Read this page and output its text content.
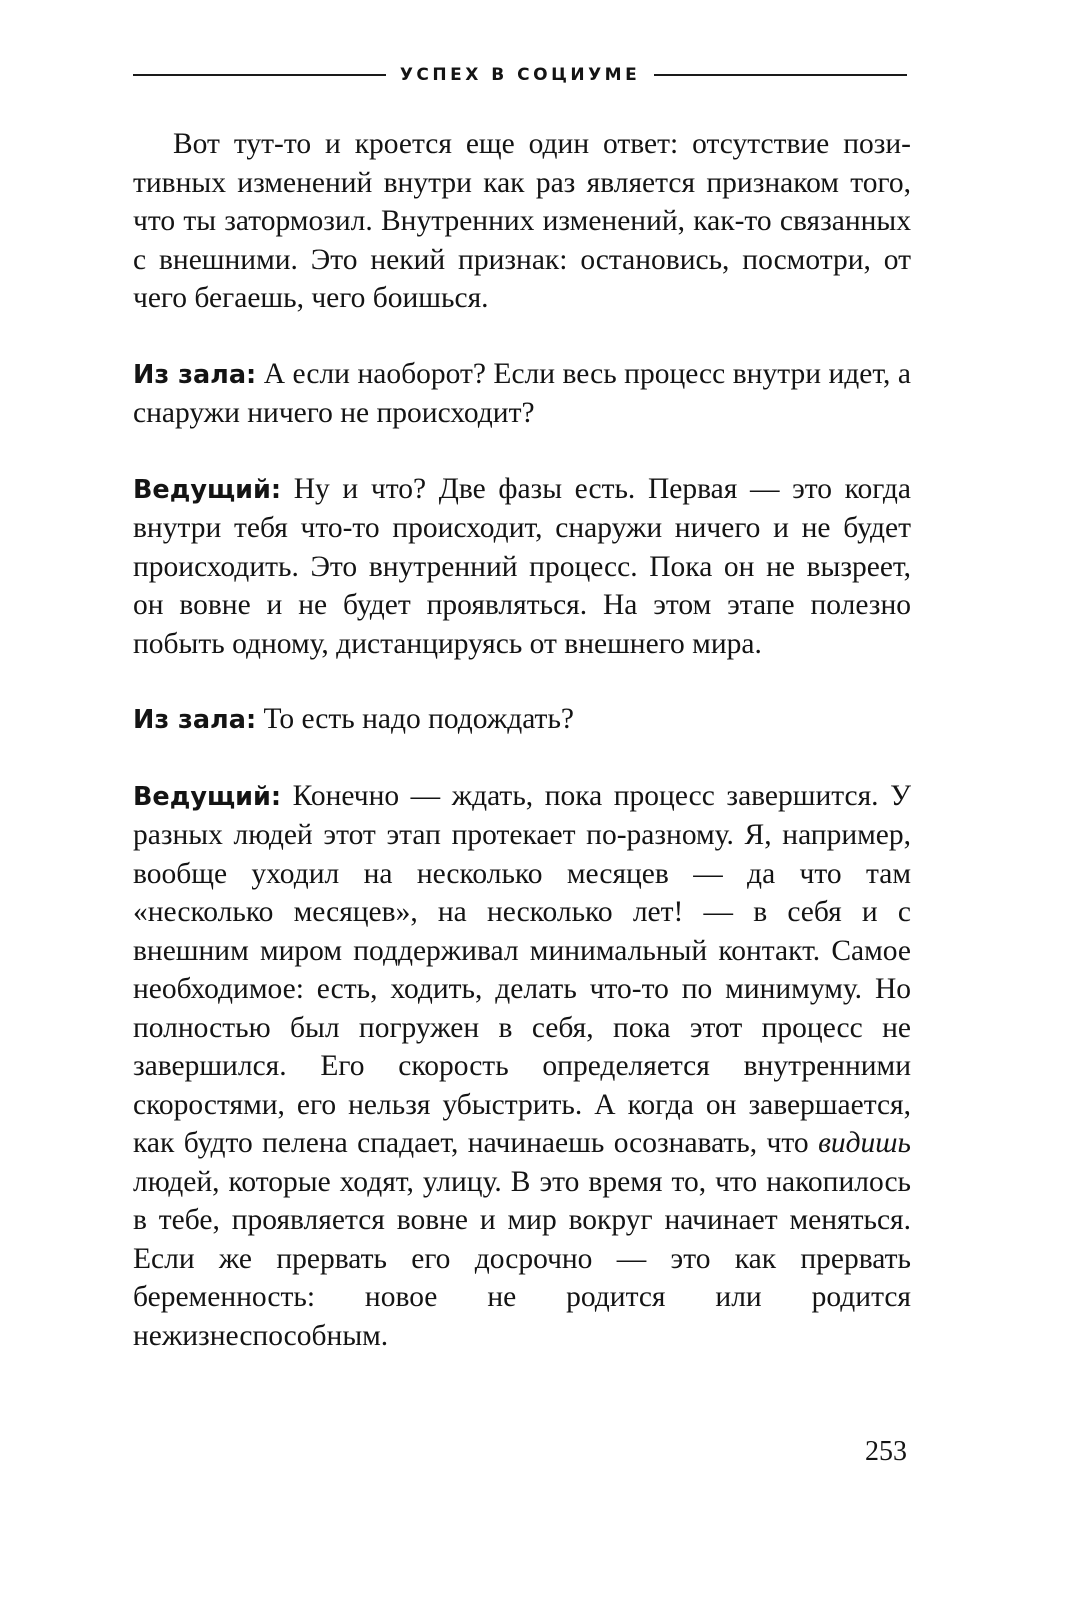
УСПЕХ В СОЦИУМЕ

Вот тут-то и кроется еще один ответ: отсутствие позитивных изменений внутри как раз является признаком того, что ты затормозил. Внутренних изменений, как-то связанных с внешними. Это некий признак: остановись, посмотри, от чего бегаешь, чего боишься.

Из зала: А если наоборот? Если весь процесс внутри идет, а снаружи ничего не происходит?

Ведущий: Ну и что? Две фазы есть. Первая — это когда внутри тебя что-то происходит, снаружи ничего и не будет происходить. Это внутренний процесс. Пока он не вызреет, он вовне и не будет проявляться. На этом этапе полезно побыть одному, дистанцируясь от внешнего мира.

Из зала: То есть надо подождать?

Ведущий: Конечно — ждать, пока процесс завершится. У разных людей этот этап протекает по-разному. Я, например, вообще уходил на несколько месяцев — да что там «несколько месяцев», на несколько лет! — в себя и с внешним миром поддерживал минимальный контакт. Самое необходимое: есть, ходить, делать что-то по минимуму. Но полностью был погружен в себя, пока этот процесс не завершился. Его скорость определяется внутренними скоростями, его нельзя убыстрить. А когда он завершается, как будто пелена спадает, начинаешь осознавать, что видишь людей, которые ходят, улицу. В это время то, что накопилось в тебе, проявляется вовне и мир вокруг начинает меняться. Если же прервать его досрочно — это как прервать беременность: новое не родится или родится нежизнеспособным.

253
